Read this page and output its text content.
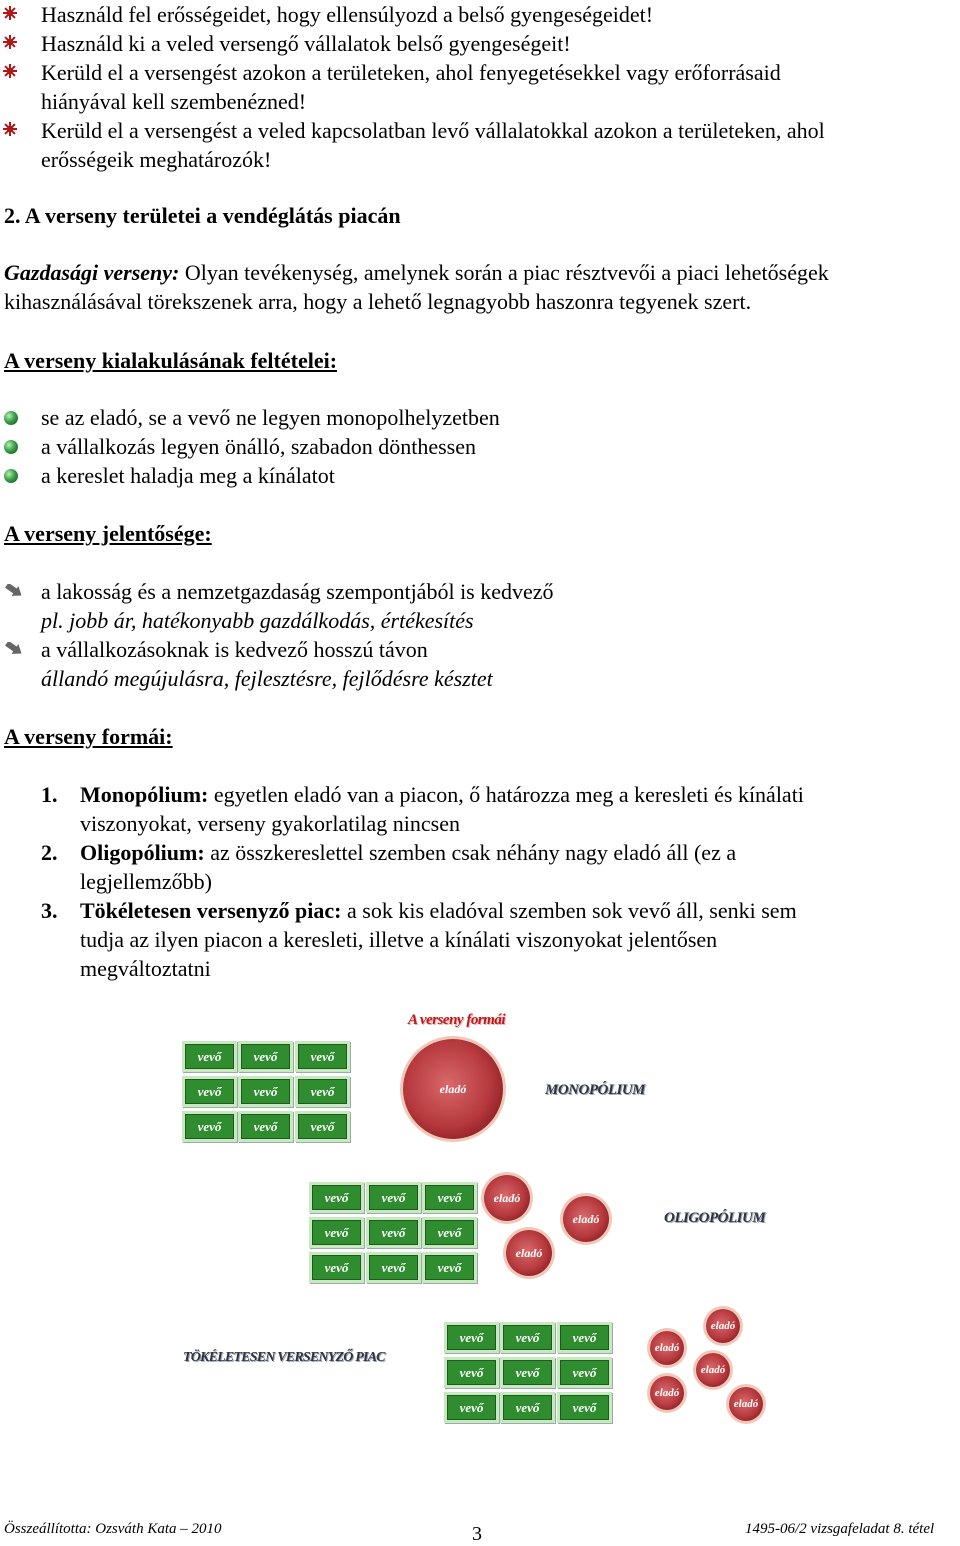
Használd fel erősségeidet, hogy ellensúlyozd a belső gyengeségeidet!
Használd ki a veled versengő vállalatok belső gyengeségeit!
Kerüld el a versengést azokon a területeken, ahol fenyegetésekkel vagy erőforrásaid
hiányával kell szembenézned!
Kerüld el a versengést a veled kapcsolatban levő vállalatokkal azokon a területeken, ahol
erősségeik meghatározók!
2. A verseny területei a vendéglátás piacán
Gazdasági verseny: Olyan tevékenység, amelynek során a piac résztvevői a piaci lehetőségek
kihasználásával törekszenek arra, hogy a lehető legnagyobb haszonra tegyenek szert.
A verseny kialakulásának feltételei:
se az eladó, se a vevő ne legyen monopolhelyzetben
a vállalkozás legyen önálló, szabadon dönthessen
a kereslet haladja meg a kínálatot
A verseny jelentősége:
a lakosság és a nemzetgazdaság szempontjából is kedvező
pl. jobb ár, hatékonyabb gazdálkodás, értékesítés
a vállalkozásoknak is kedvező hosszú távon
állandó megújulásra, fejlesztésre, fejlődésre késztet
A verseny formái:
1.	Monopólium: egyetlen eladó van a piacon, ő határozza meg a keresleti és kínálati
viszonyokat, verseny gyakorlatilag nincsen
2.	Oligopólium: az összkereslettel szemben csak néhány nagy eladó áll (ez a
legjellemzőbb)
3.	Tökéletesen versenyző piac: a sok kis eladóval szemben sok vevő áll, senki sem
tudja az ilyen piacon a keresleti, illetve a kínálati viszonyokat jelentősen
megváltoztatni
A verseny formái
vevő	vevő	vevő
vevő	vevő	vevő
vevő	vevő	vevő
eladó	MONOPÓLIUM
vevő	vevő	vevő
vevő	vevő	vevő
vevő	vevő	vevő
eladó
eladó
eladó
OLIGOPÓLIUM
TÖKÉLETESEN VERSENYZŐ PIAC
vevő	vevő	vevő
vevő	vevő	vevő
vevő	vevő	vevő
eladó
eladó
eladó
eladó
eladó
Összeállította: Ozsváth Kata – 2010	3	1495-06/2 vizsgafeladat 8. tétel
